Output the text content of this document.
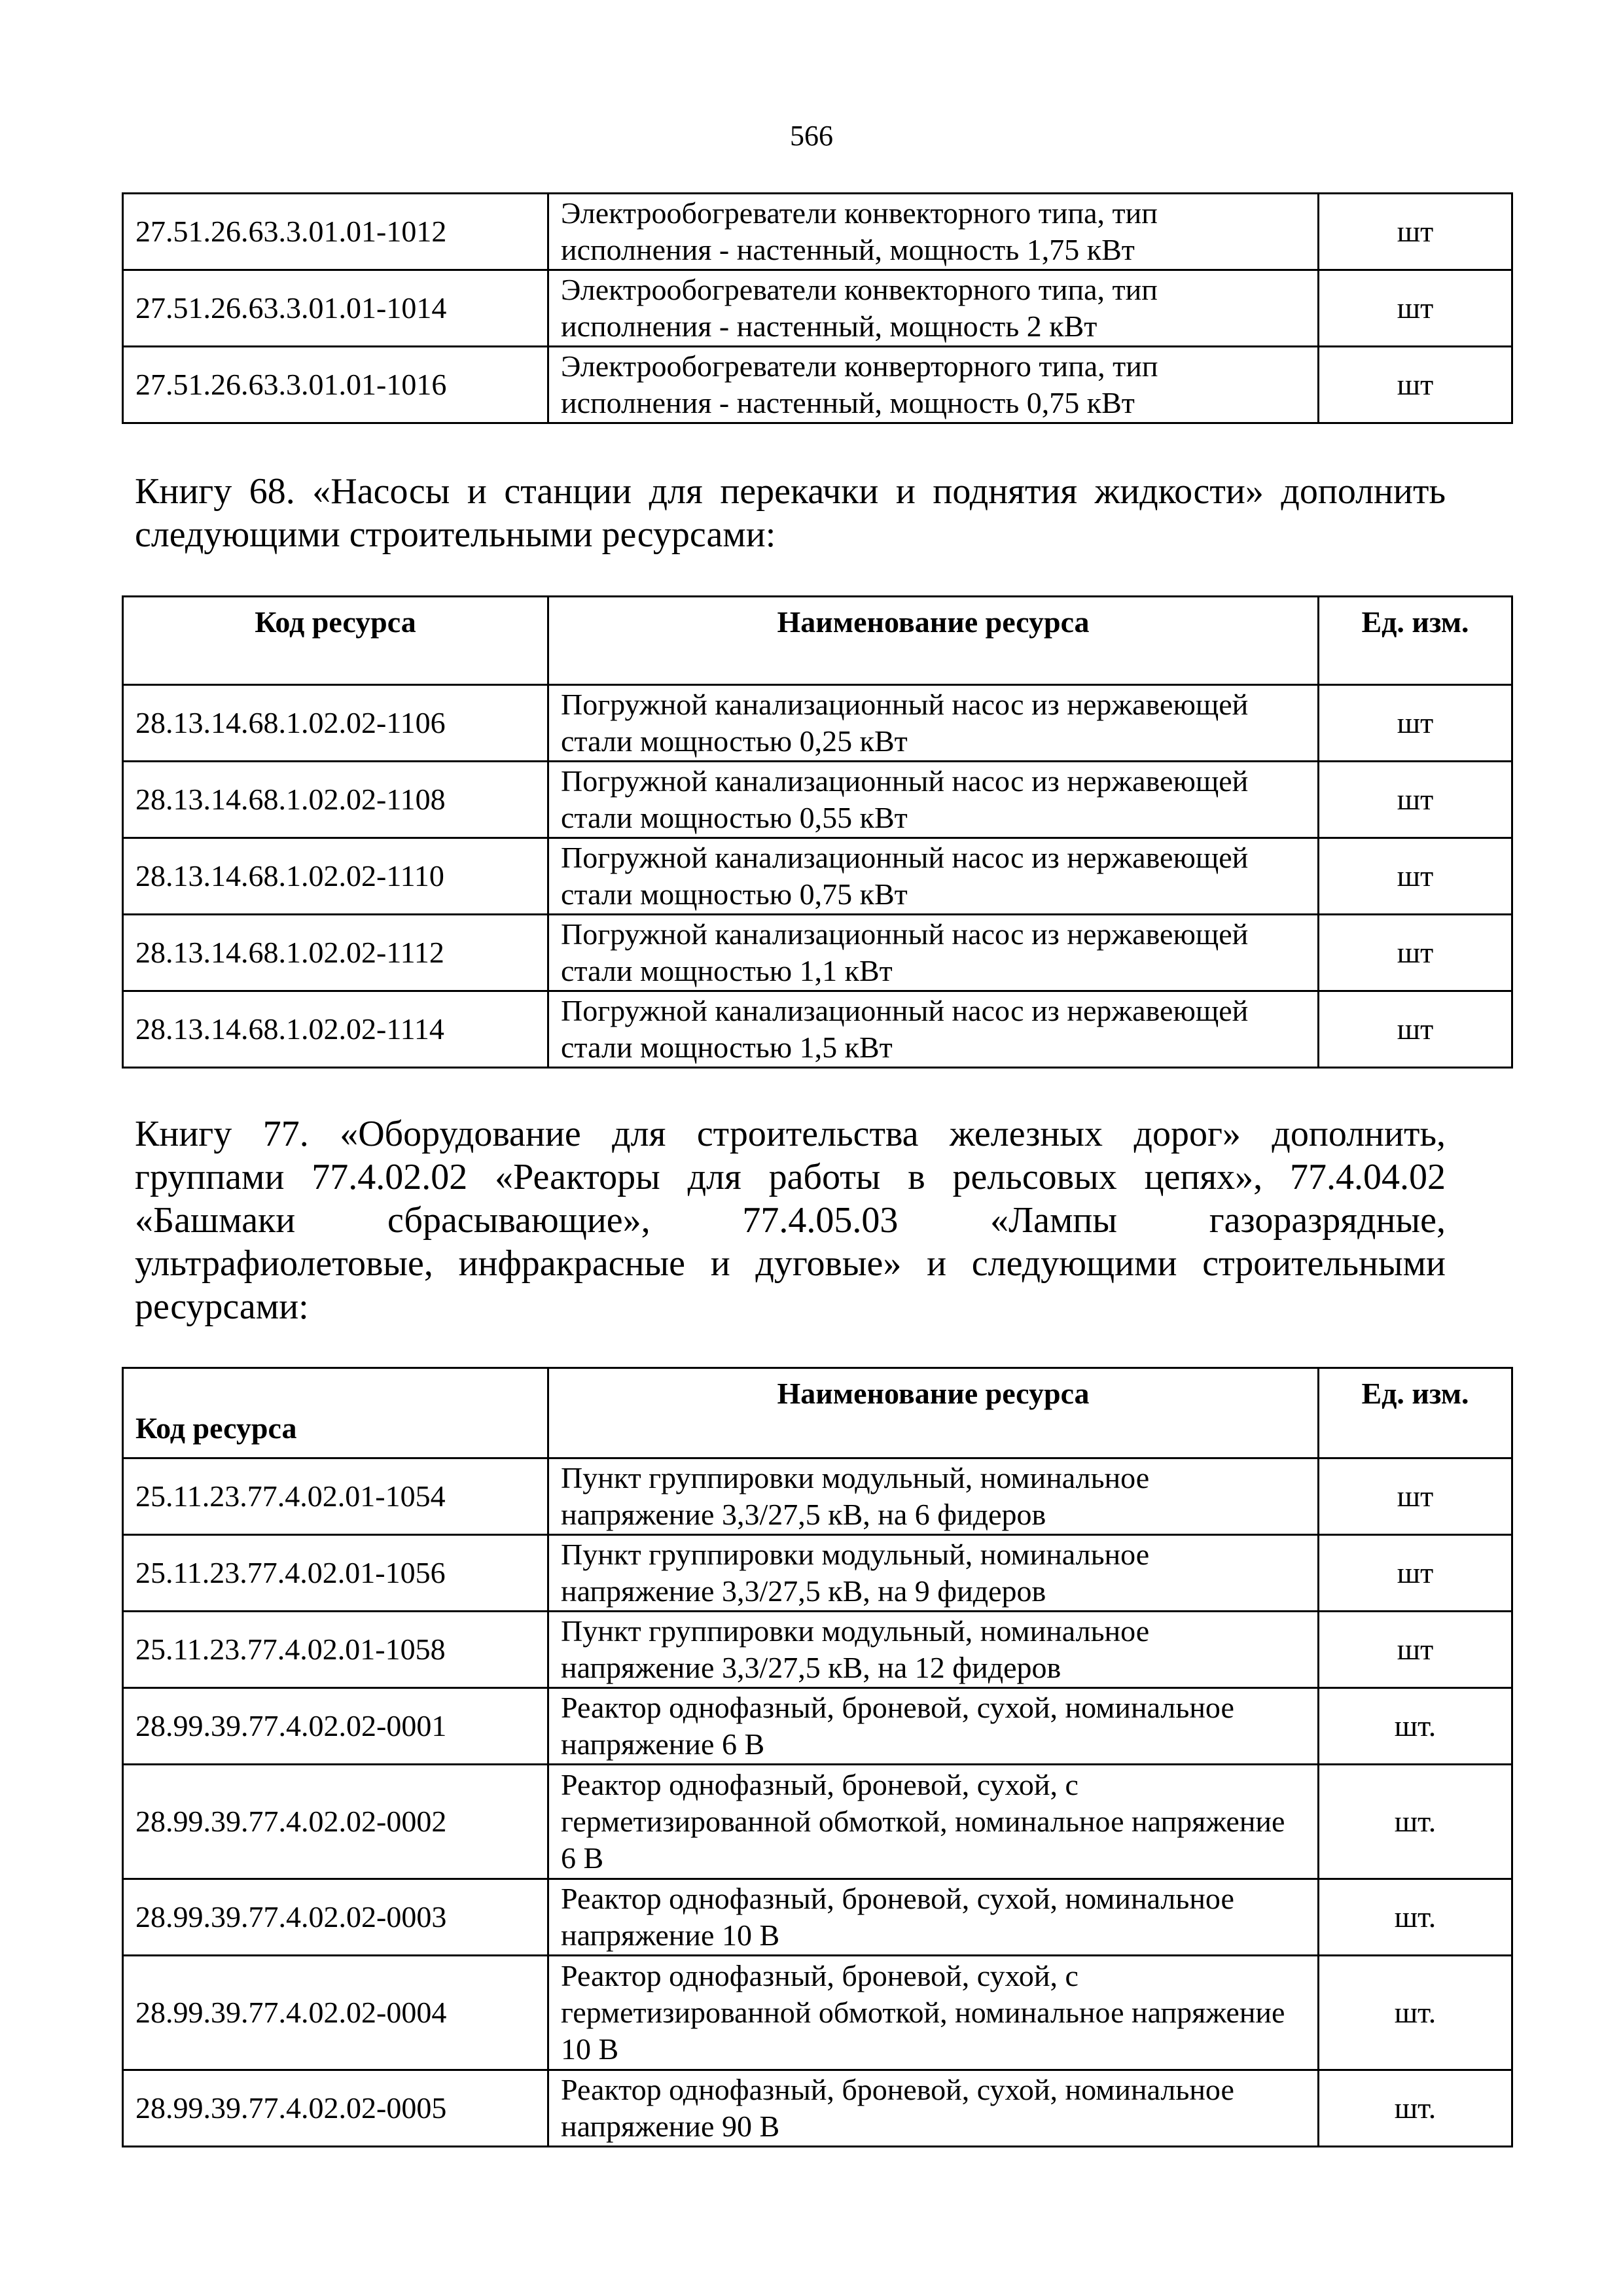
566
27.51.26.63.3.01.01-1012	Электрообогреватели конвекторного типа, тип исполнения - настенный, мощность 1,75 кВт	шт
27.51.26.63.3.01.01-1014	Электрообогреватели конвекторного типа, тип исполнения - настенный, мощность 2 кВт	шт
27.51.26.63.3.01.01-1016	Электрообогреватели конверторного типа, тип исполнения - настенный, мощность 0,75 кВт	шт

Книгу 68. «Насосы и станции для перекачки и поднятия жидкости» дополнить
следующими строительными ресурсами:

Код ресурса	Наименование ресурса	Ед. изм.
28.13.14.68.1.02.02-1106	Погружной канализационный насос из нержавеющей стали мощностью 0,25 кВт	шт
28.13.14.68.1.02.02-1108	Погружной канализационный насос из нержавеющей стали мощностью 0,55 кВт	шт
28.13.14.68.1.02.02-1110	Погружной канализационный насос из нержавеющей стали мощностью 0,75 кВт	шт
28.13.14.68.1.02.02-1112	Погружной канализационный насос из нержавеющей стали мощностью 1,1 кВт	шт
28.13.14.68.1.02.02-1114	Погружной канализационный насос из нержавеющей стали мощностью 1,5 кВт	шт

Книгу 77. «Оборудование для строительства железных дорог» дополнить,
группами 77.4.02.02 «Реакторы для работы в рельсовых цепях», 77.4.04.02
«Башмаки сбрасывающие», 77.4.05.03 «Лампы газоразрядные,
ультрафиолетовые, инфракрасные и дуговые» и следующими строительными
ресурсами:

Код ресурса	Наименование ресурса	Ед. изм.
25.11.23.77.4.02.01-1054	Пункт группировки модульный, номинальное напряжение 3,3/27,5 кВ, на 6 фидеров	шт
25.11.23.77.4.02.01-1056	Пункт группировки модульный, номинальное напряжение 3,3/27,5 кВ, на 9 фидеров	шт
25.11.23.77.4.02.01-1058	Пункт группировки модульный, номинальное напряжение 3,3/27,5 кВ, на 12 фидеров	шт
28.99.39.77.4.02.02-0001	Реактор однофазный, броневой, сухой, номинальное напряжение 6 В	шт.
28.99.39.77.4.02.02-0002	Реактор однофазный, броневой, сухой, с герметизированной обмоткой, номинальное напряжение 6 В	шт.
28.99.39.77.4.02.02-0003	Реактор однофазный, броневой, сухой, номинальное напряжение 10 В	шт.
28.99.39.77.4.02.02-0004	Реактор однофазный, броневой, сухой, с герметизированной обмоткой, номинальное напряжение 10 В	шт.
28.99.39.77.4.02.02-0005	Реактор однофазный, броневой, сухой, номинальное напряжение 90 В	шт.
